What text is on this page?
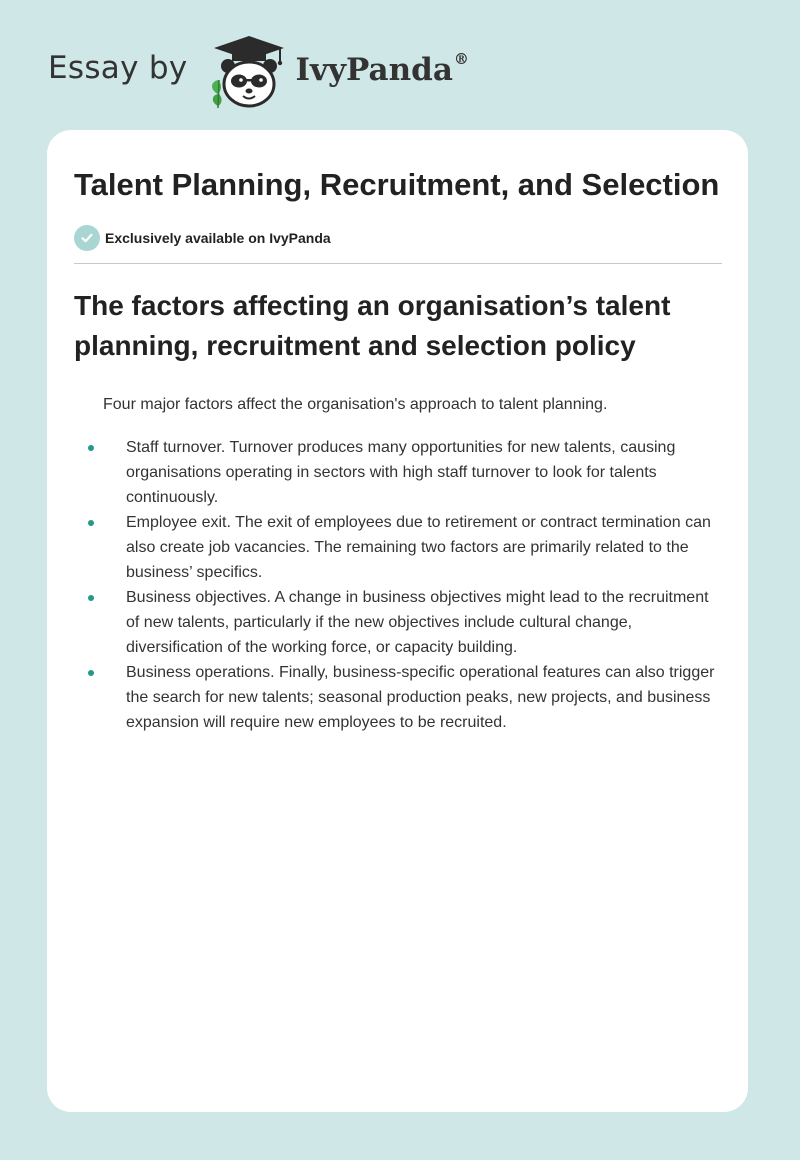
Essay by	IvyPanda®
Talent Planning, Recruitment, and Selection
Exclusively available on IvyPanda
The factors affecting an organisation’s talent planning, recruitment and selection policy

Four major factors affect the organisation's approach to talent planning.

Staff turnover. Turnover produces many opportunities for new talents, causing organisations operating in sectors with high staff turnover to look for talents continuously.
Employee exit. The exit of employees due to retirement or contract termination can also create job vacancies. The remaining two factors are primarily related to the business’ specifics.
Business objectives. A change in business objectives might lead to the recruitment of new talents, particularly if the new objectives include cultural change, diversification of the working force, or capacity building.
Business operations. Finally, business-specific operational features can also trigger the search for new talents; seasonal production peaks, new projects, and business expansion will require new employees to be recruited.
